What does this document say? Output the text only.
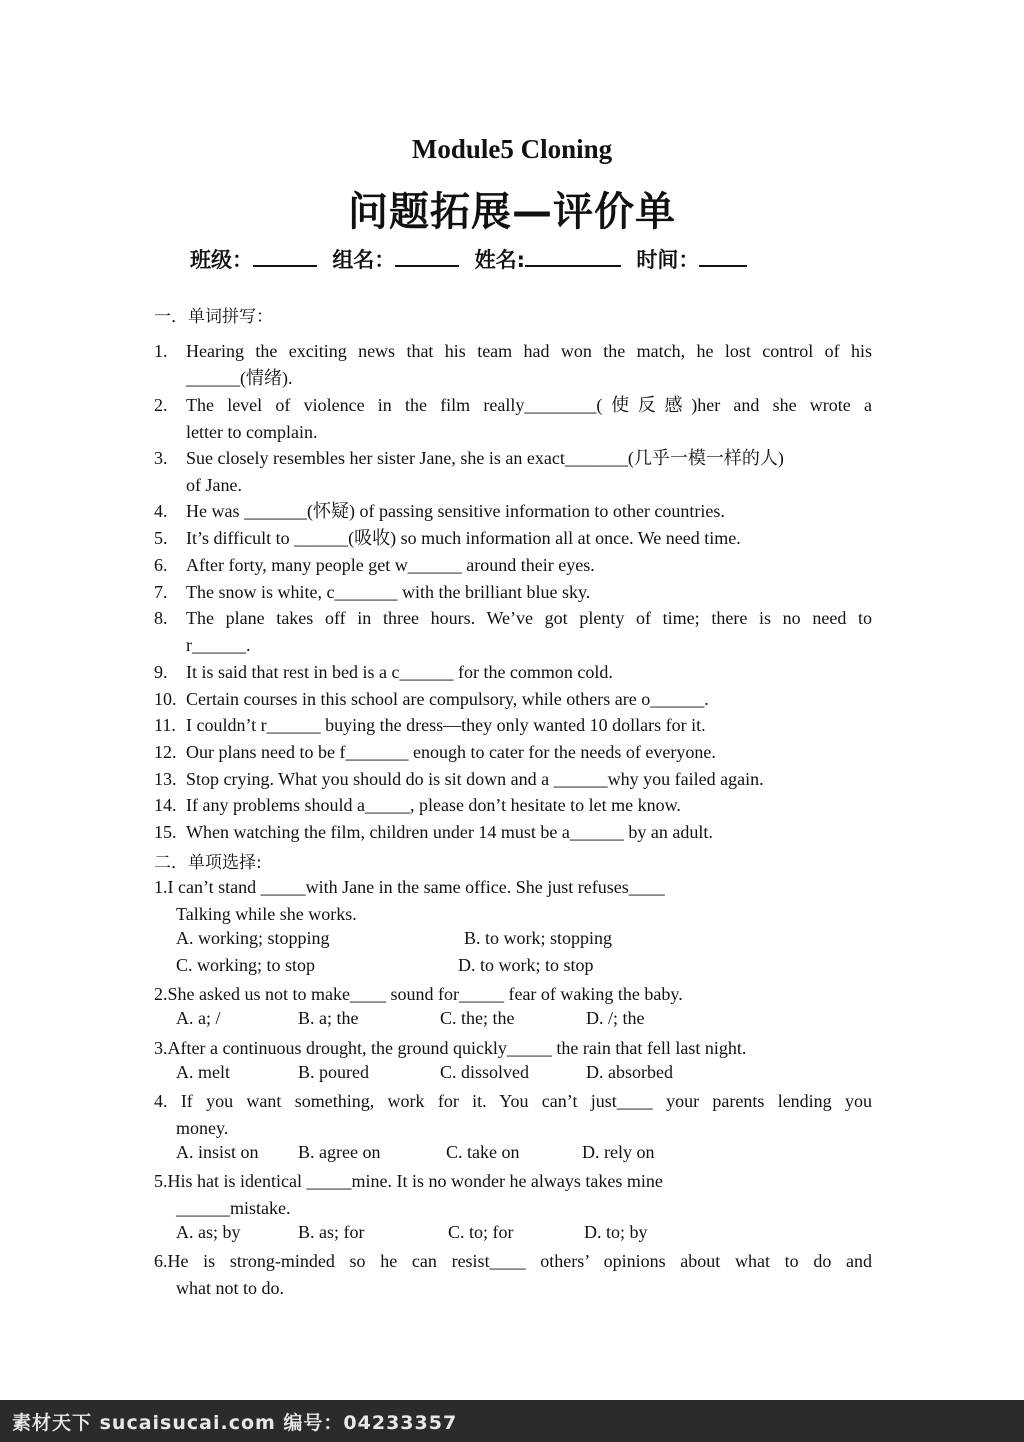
Module5 Cloning
问题拓展—评价单
班级：	组名：	姓名:	时间：
一．单词拼写：
1. Hearing the exciting news that his team had won the match, he lost control of his
______(情绪).
2. The level of violence in the film really________(使反感)her and she wrote a
letter to complain.
3. Sue closely resembles her sister Jane, she is an exact_______(几乎一模一样的人)
of Jane.
4. He was _______(怀疑) of passing sensitive information to other countries.
5. It’s difficult to ______(吸收) so much information all at once. We need time.
6. After forty, many people get w______ around their eyes.
7. The snow is white, c_______ with the brilliant blue sky.
8. The plane takes off in three hours. We’ve got plenty of time; there is no need to
r______.
9. It is said that rest in bed is a c______ for the common cold.
10. Certain courses in this school are compulsory, while others are o______.
11. I couldn’t r______ buying the dress—they only wanted 10 dollars for it.
12. Our plans need to be f_______ enough to cater for the needs of everyone.
13. Stop crying. What you should do is sit down and a ______why you failed again.
14. If any problems should a_____, please don’t hesitate to let me know.
15. When watching the film, children under 14 must be a______ by an adult.
二．单项选择:
1.I can’t stand _____with Jane in the same office. She just refuses____
Talking while she works.
A. working; stopping	B. to work; stopping
C. working; to stop	D. to work; to stop
2.She asked us not to make____ sound for_____ fear of waking the baby.
A. a; /	B. a; the	C. the; the	D. /; the
3.After a continuous drought, the ground quickly_____ the rain that fell last night.
A. melt	B. poured	C. dissolved	D. absorbed
4. If you want something, work for it. You can’t just____ your parents lending you
money.
A. insist on B. agree on	C. take on	D. rely on
5.His hat is identical _____mine. It is no wonder he always takes mine
______mistake.
A. as; by	B. as; for	C. to; for	D. to; by
6.He is strong-minded so he can resist____ others’ opinions about what to do and
what not to do.
素材天下 sucaisucai.com 编号：04233357
